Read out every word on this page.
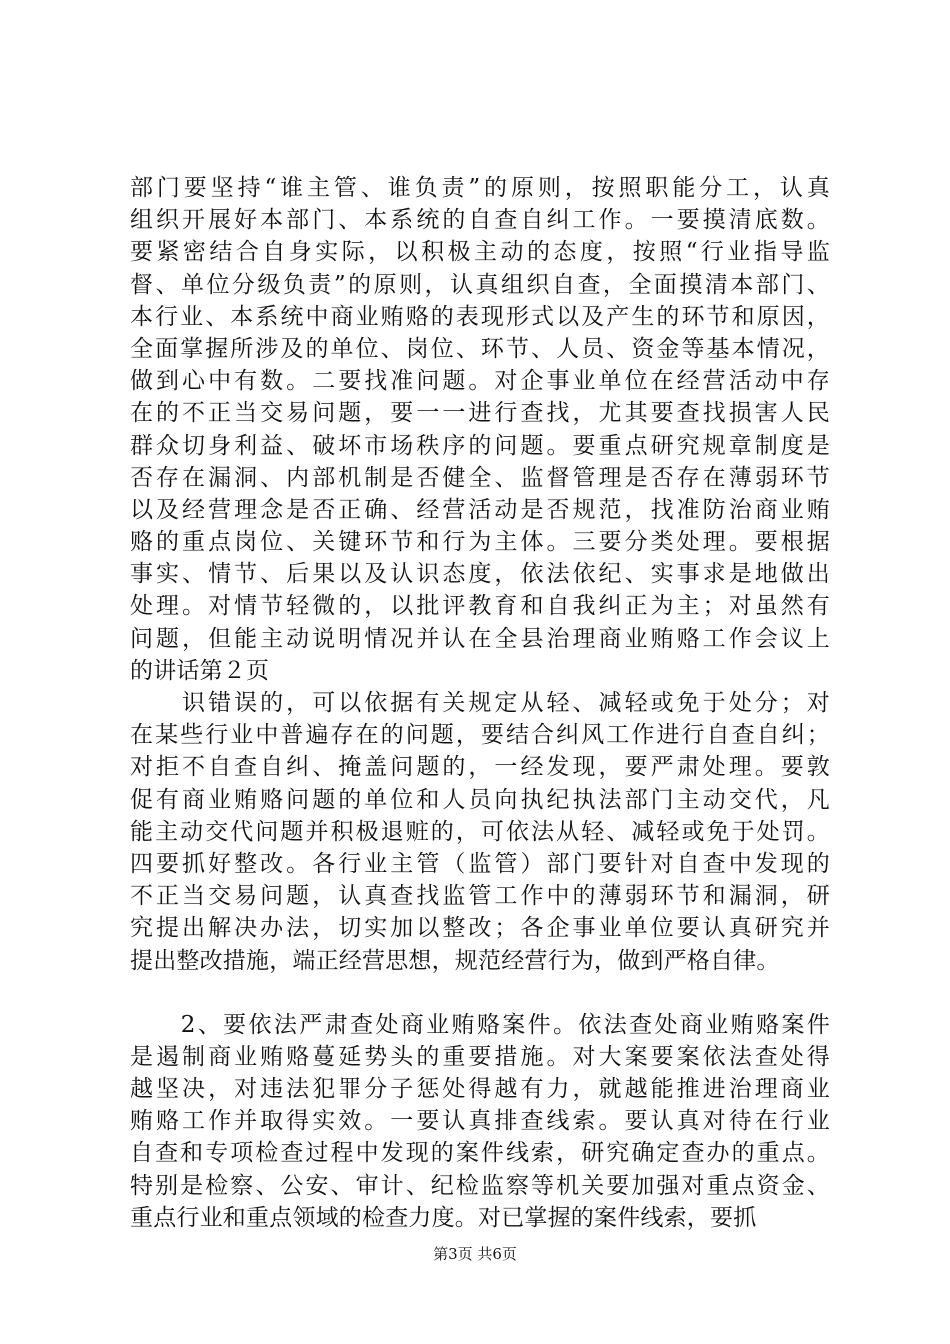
部门要坚持“谁主管、谁负责”的原则，按照职能分工，认真
组织开展好本部门、本系统的自查自纠工作。一要摸清底数。
要紧密结合自身实际，以积极主动的态度，按照“行业指导监
督、单位分级负责”的原则，认真组织自查，全面摸清本部门、
本行业、本系统中商业贿赂的表现形式以及产生的环节和原因，
全面掌握所涉及的单位、岗位、环节、人员、资金等基本情况，
做到心中有数。二要找准问题。对企事业单位在经营活动中存
在的不正当交易问题，要一一进行查找，尤其要查找损害人民
群众切身利益、破坏市场秩序的问题。要重点研究规章制度是
否存在漏洞、内部机制是否健全、监督管理是否存在薄弱环节
以及经营理念是否正确、经营活动是否规范，找准防治商业贿
赂的重点岗位、关键环节和行为主体。三要分类处理。要根据
事实、情节、后果以及认识态度，依法依纪、实事求是地做出
处理。对情节轻微的，以批评教育和自我纠正为主；对虽然有
问题，但能主动说明情况并认在全县治理商业贿赂工作会议上
的讲话第２页
　　识错误的，可以依据有关规定从轻、减轻或免于处分；对
在某些行业中普遍存在的问题，要结合纠风工作进行自查自纠；
对拒不自查自纠、掩盖问题的，一经发现，要严肃处理。要敦
促有商业贿赂问题的单位和人员向执纪执法部门主动交代，凡
能主动交代问题并积极退赃的，可依法从轻、减轻或免于处罚。
四要抓好整改。各行业主管（监管）部门要针对自查中发现的
不正当交易问题，认真查找监管工作中的薄弱环节和漏洞，研
究提出解决办法，切实加以整改；各企事业单位要认真研究并
提出整改措施，端正经营思想，规范经营行为，做到严格自律。
　　2、要依法严肃查处商业贿赂案件。依法查处商业贿赂案件
是遏制商业贿赂蔓延势头的重要措施。对大案要案依法查处得
越坚决，对违法犯罪分子惩处得越有力，就越能推进治理商业
贿赂工作并取得实效。一要认真排查线索。要认真对待在行业
自查和专项检查过程中发现的案件线索，研究确定查办的重点。
特别是检察、公安、审计、纪检监察等机关要加强对重点资金、
重点行业和重点领域的检查力度。对已掌握的案件线索，要抓
第3页 共6页
